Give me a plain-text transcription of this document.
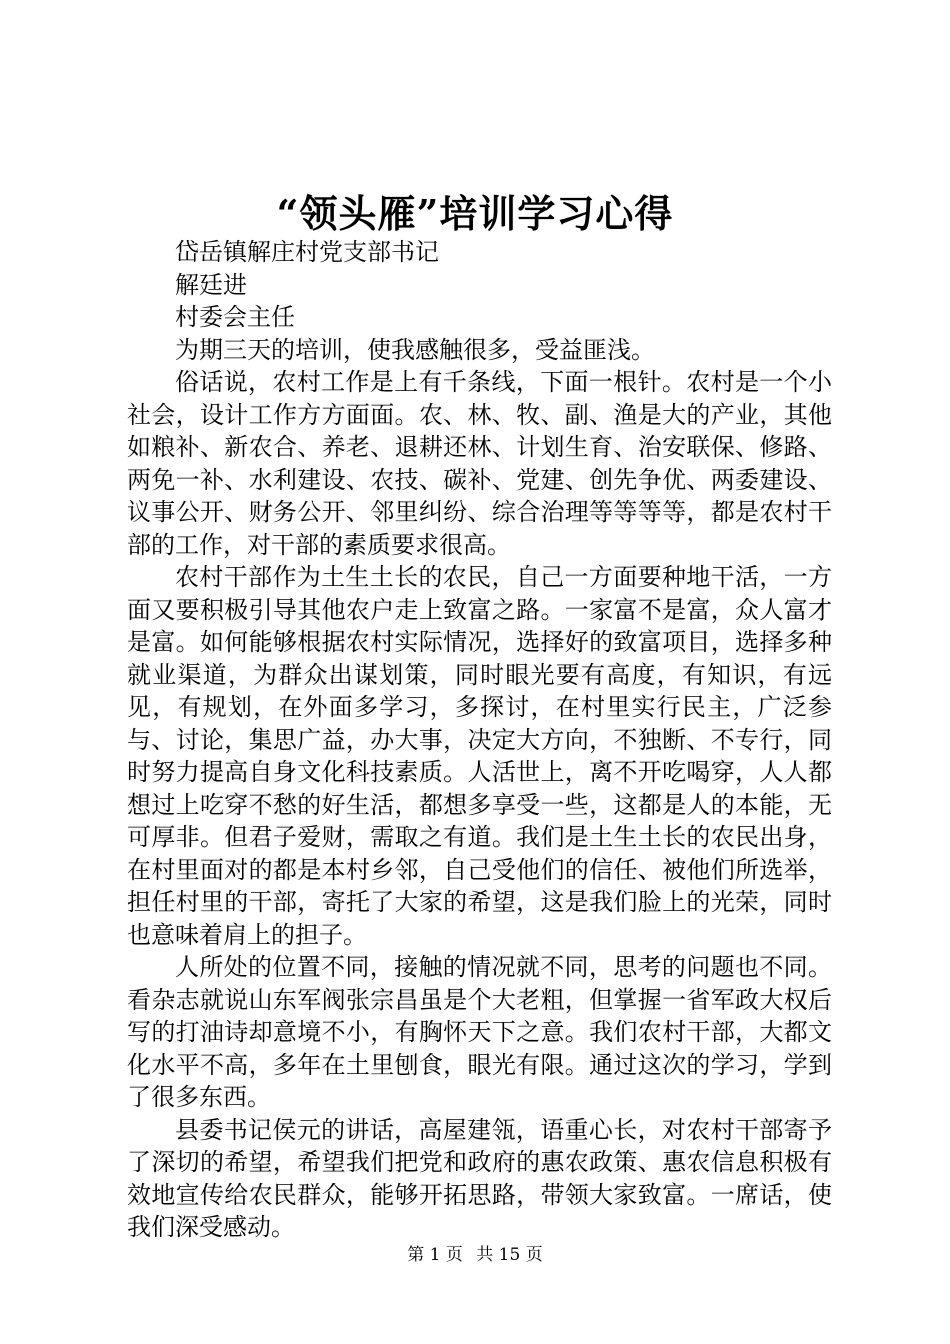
“领头雁”培训学习心得

岱岳镇解庄村党支部书记

解廷进

村委会主任

为期三天的培训，使我感触很多，受益匪浅。

俗话说，农村工作是上有千条线，下面一根针。农村是一个小社会，设计工作方方面面。农、林、牧、副、渔是大的产业，其他如粮补、新农合、养老、退耕还林、计划生育、治安联保、修路、两免一补、水利建设、农技、碳补、党建、创先争优、两委建设、议事公开、财务公开、邻里纠纷、综合治理等等等等，都是农村干部的工作，对干部的素质要求很高。

农村干部作为土生土长的农民，自己一方面要种地干活，一方面又要积极引导其他农户走上致富之路。一家富不是富，众人富才是富。如何能够根据农村实际情况，选择好的致富项目，选择多种就业渠道，为群众出谋划策，同时眼光要有高度，有知识，有远见，有规划，在外面多学习，多探讨，在村里实行民主，广泛参与、讨论，集思广益，办大事，决定大方向，不独断、不专行，同时努力提高自身文化科技素质。人活世上，离不开吃喝穿，人人都想过上吃穿不愁的好生活，都想多享受一些，这都是人的本能，无可厚非。但君子爱财，需取之有道。我们是土生土长的农民出身，在村里面对的都是本村乡邻，自己受他们的信任、被他们所选举，担任村里的干部，寄托了大家的希望，这是我们脸上的光荣，同时也意味着肩上的担子。

人所处的位置不同，接触的情况就不同，思考的问题也不同。看杂志就说山东军阀张宗昌虽是个大老粗，但掌握一省军政大权后写的打油诗却意境不小，有胸怀天下之意。我们农村干部，大都文化水平不高，多年在土里刨食，眼光有限。通过这次的学习，学到了很多东西。

县委书记侯元的讲话，高屋建瓴，语重心长，对农村干部寄予了深切的希望，希望我们把党和政府的惠农政策、惠农信息积极有效地宣传给农民群众，能够开拓思路，带领大家致富。一席话，使我们深受感动。

第 1 页 共 15 页
